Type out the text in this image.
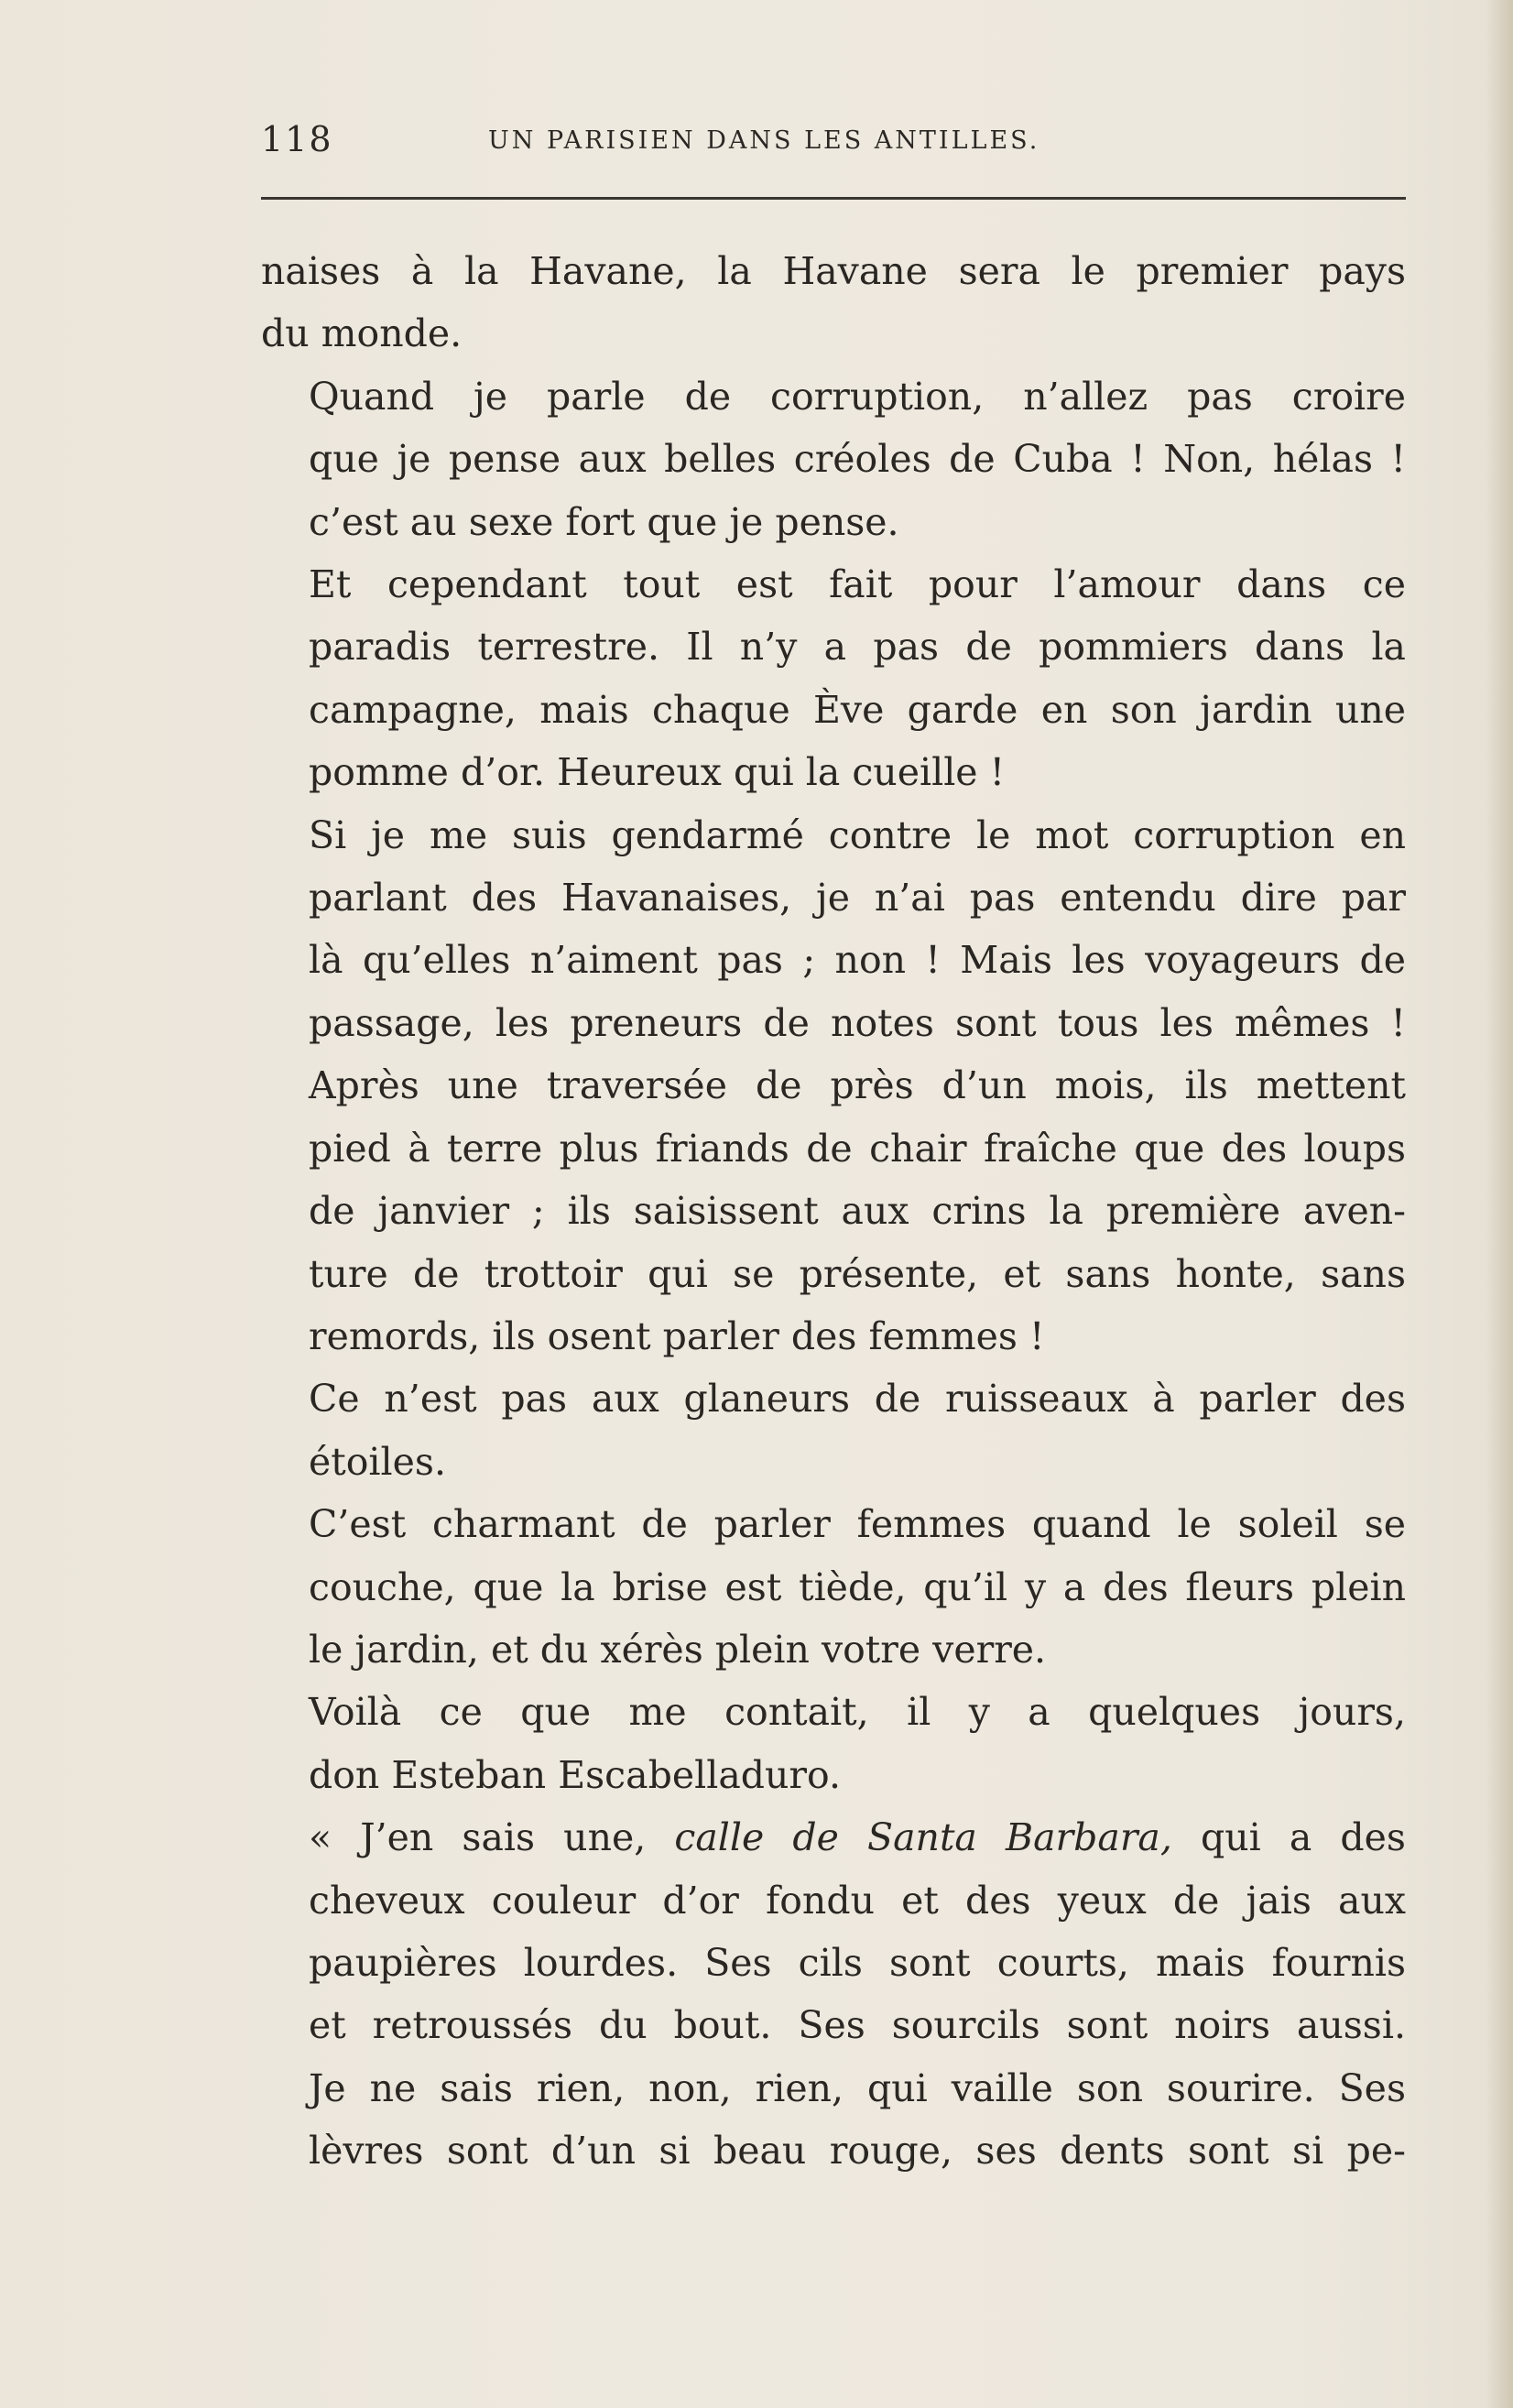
118	UN PARISIEN DANS LES ANTILLES.

naises à la Havane, la Havane sera le premier pays
du monde.

Quand je parle de corruption, n’allez pas croire
que je pense aux belles créoles de Cuba ! Non, hélas !
c’est au sexe fort que je pense.

Et cependant tout est fait pour l’amour dans ce
paradis terrestre. Il n’y a pas de pommiers dans la
campagne, mais chaque Ève garde en son jardin une
pomme d’or. Heureux qui la cueille !

Si je me suis gendarmé contre le mot corruption en
parlant des Havanaises, je n’ai pas entendu dire par
là qu’elles n’aiment pas ; non ! Mais les voyageurs de
passage, les preneurs de notes sont tous les mêmes !
Après une traversée de près d’un mois, ils mettent
pied à terre plus friands de chair fraîche que des loups
de janvier ; ils saisissent aux crins la première aven-
ture de trottoir qui se présente, et sans honte, sans
remords, ils osent parler des femmes !

Ce n’est pas aux glaneurs de ruisseaux à parler des
étoiles.

C’est charmant de parler femmes quand le soleil se
couche, que la brise est tiède, qu’il y a des fleurs plein
le jardin, et du xérès plein votre verre.

Voilà ce que me contait, il y a quelques jours,
don Esteban Escabelladuro.

« J’en sais une, calle de Santa Barbara, qui a des
cheveux couleur d’or fondu et des yeux de jais aux
paupières lourdes. Ses cils sont courts, mais fournis
et retroussés du bout. Ses sourcils sont noirs aussi.
Je ne sais rien, non, rien, qui vaille son sourire. Ses
lèvres sont d’un si beau rouge, ses dents sont si pe-
